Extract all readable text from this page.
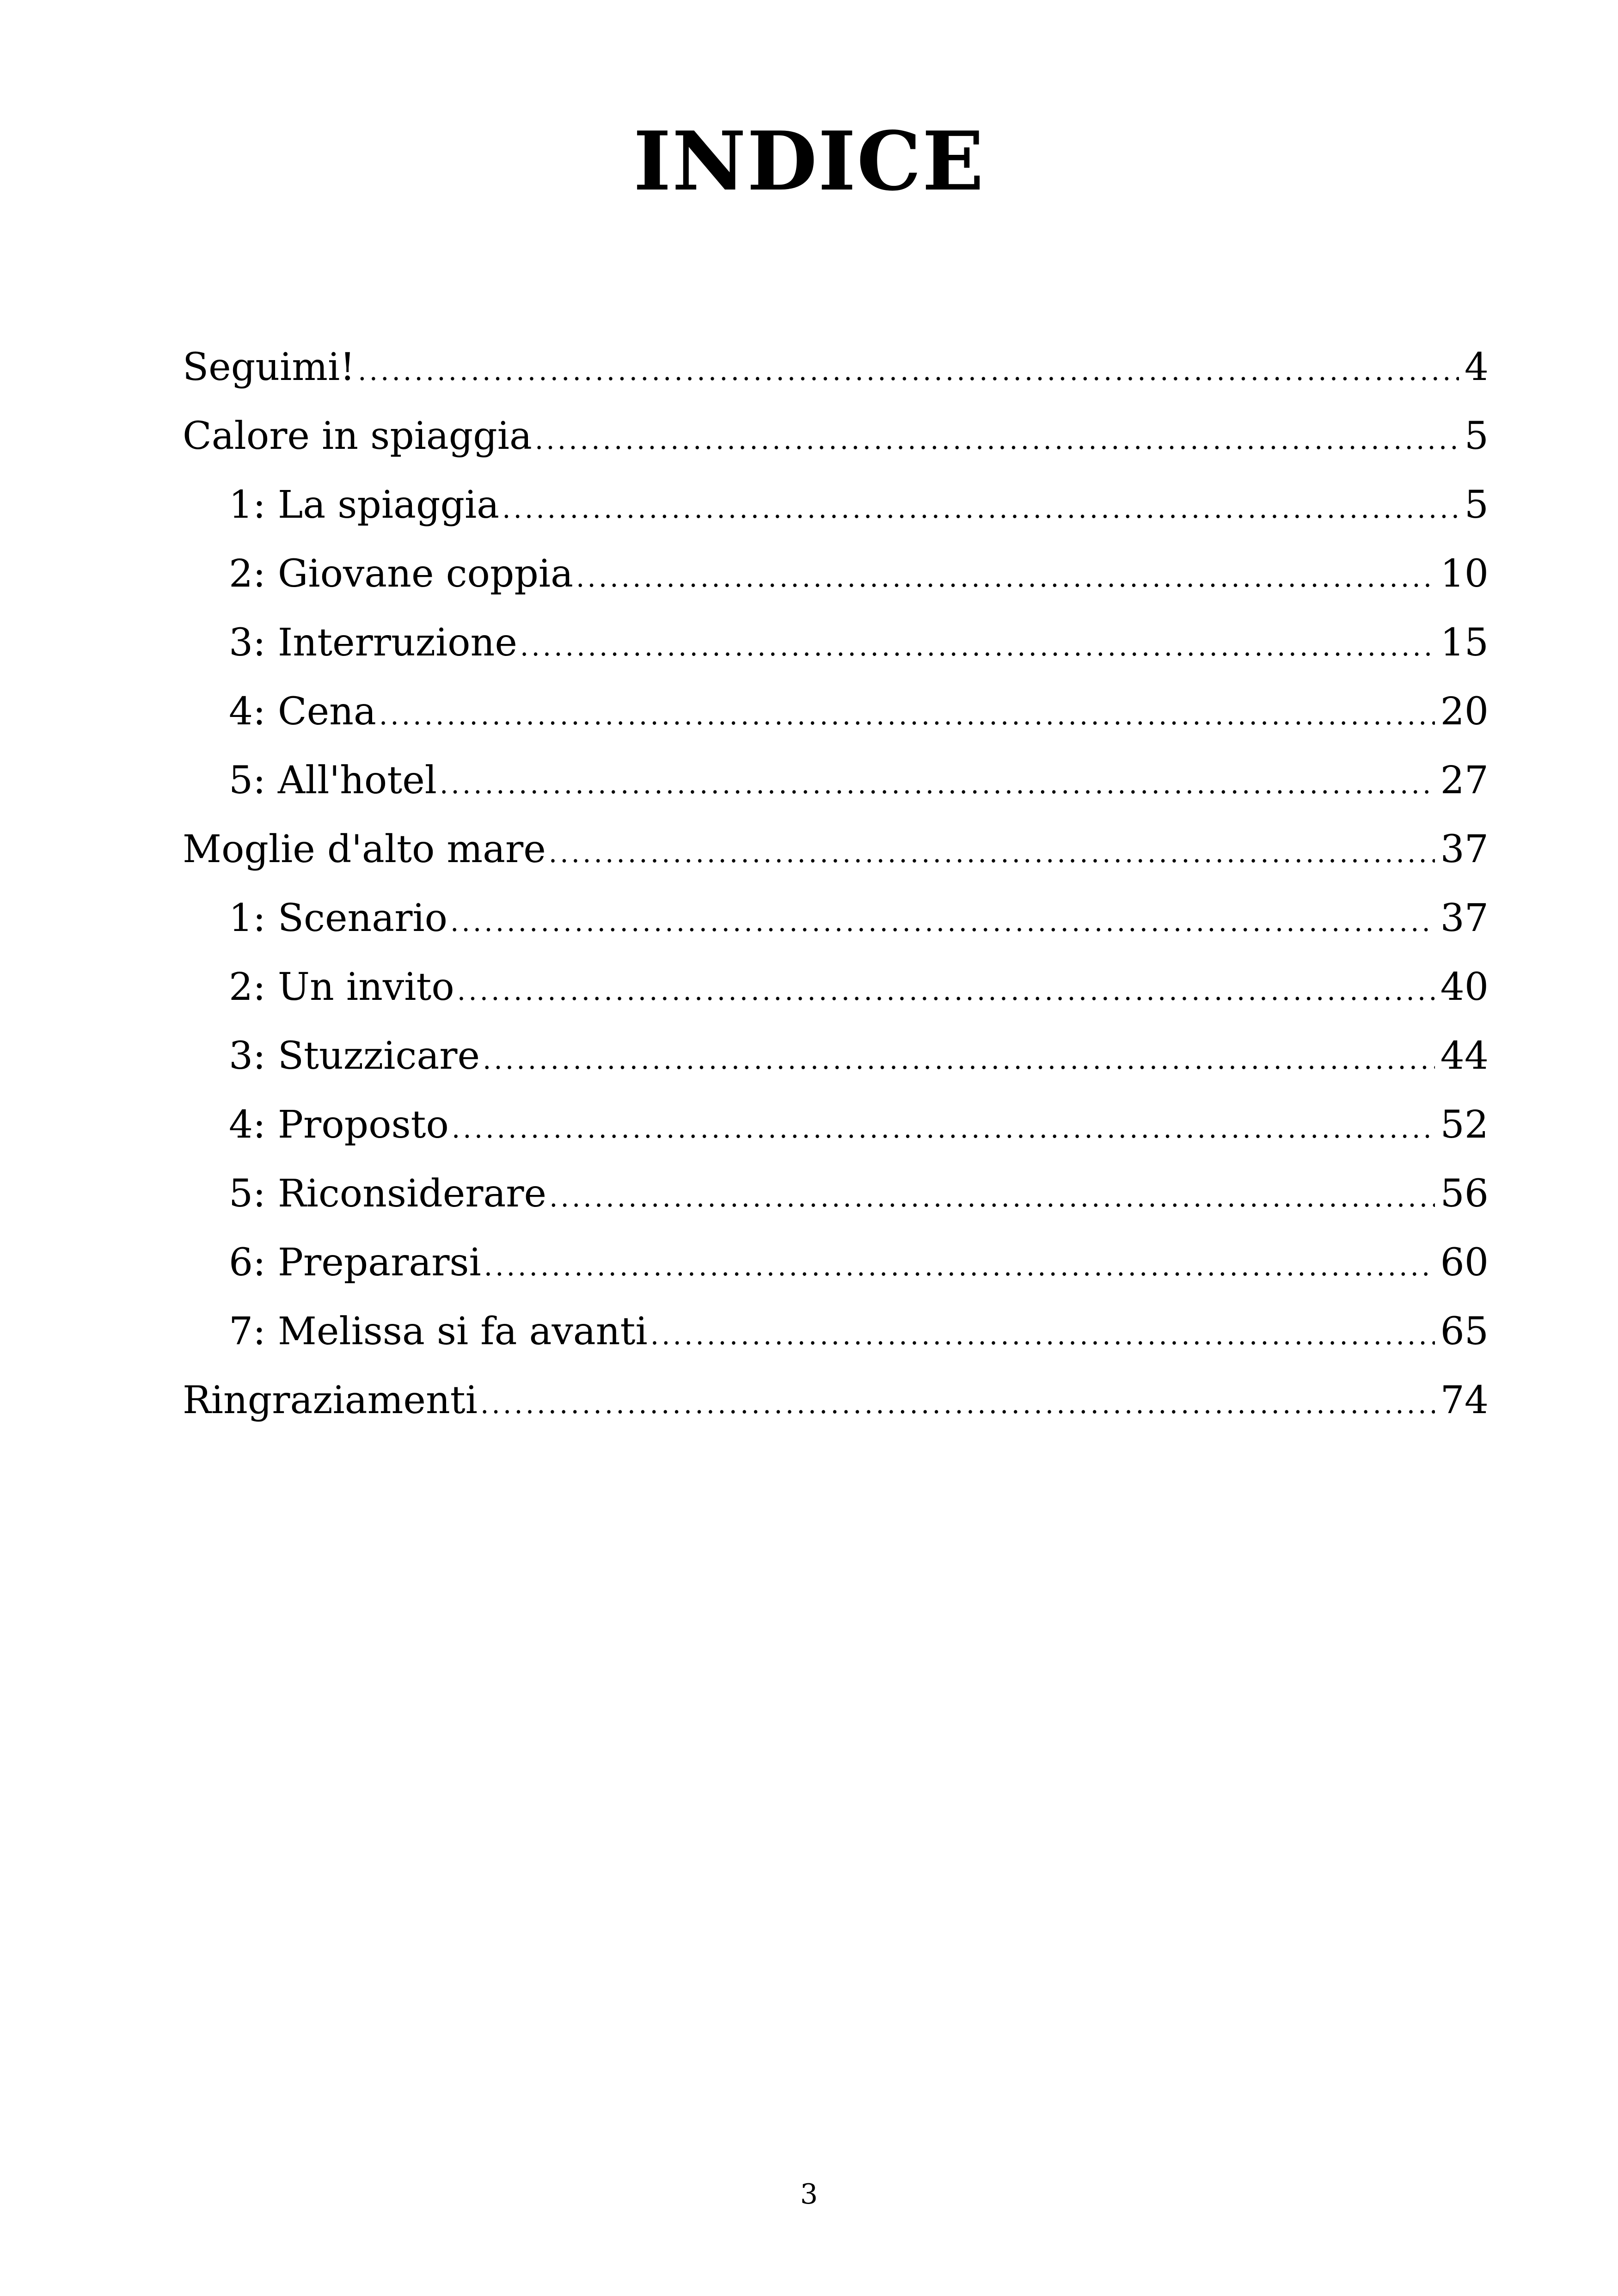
INDICE
Seguimi! .....	4
Calore in spiaggia .....	5
1: La spiaggia .....	5
2: Giovane coppia .....	10
3: Interruzione .....	15
4: Cena .....	20
5: All'hotel .....	27
Moglie d'alto mare .....	37
1: Scenario .....	37
2: Un invito .....	40
3: Stuzzicare .....	44
4: Proposto .....	52
5: Riconsiderare .....	56
6: Prepararsi .....	60
7: Melissa si fa avanti .....	65
Ringraziamenti .....	74
3
